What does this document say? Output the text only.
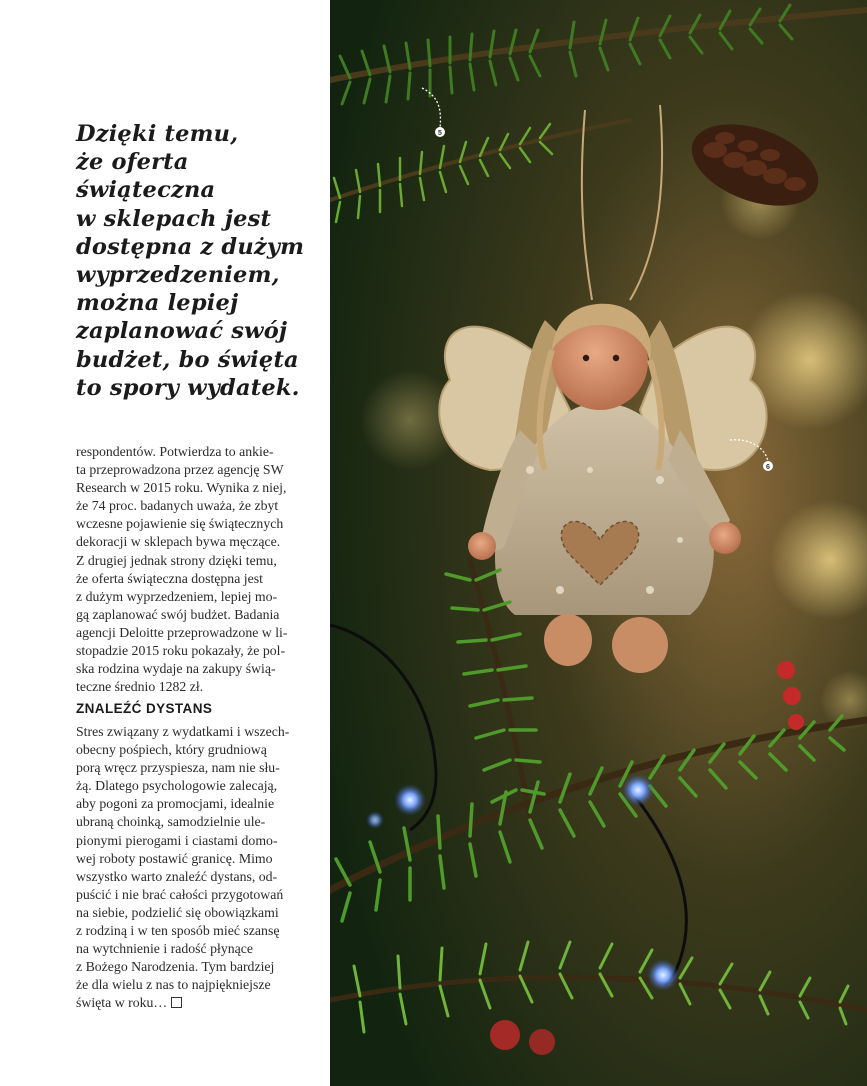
Dzięki temu,
że oferta
świąteczna
w sklepach jest
dostępna z dużym
wyprzedzeniem,
można lepiej
zaplanować swój
budżet, bo święta
to spory wydatek.

respondentów. Potwierdza to ankie-
ta przeprowadzona przez agencję SW
Research w 2015 roku. Wynika z niej,
że 74 proc. badanych uważa, że zbyt
wczesne pojawienie się świątecznych
dekoracji w sklepach bywa męczące.
Z drugiej jednak strony dzięki temu,
że oferta świąteczna dostępna jest
z dużym wyprzedzeniem, lepiej mo-
gą zaplanować swój budżet. Badania
agencji Deloitte przeprowadzone w li-
stopadzie 2015 roku pokazały, że pol-
ska rodzina wydaje na zakupy świą-
teczne średnio 1282 zł.

ZNALEŹĆ DYSTANS

Stres związany z wydatkami i wszech-
obecny pośpiech, który grudniową
porą wręcz przyspiesza, nam nie słu-
żą. Dlatego psychologowie zalecają,
aby pogoni za promocjami, idealnie
ubraną choinką, samodzielnie ule-
pionymi pierogami i ciastami domo-
wej roboty postawić granicę. Mimo
wszystko warto znaleźć dystans, od-
puścić i nie brać całości przygotowań
na siebie, podzielić się obowiązkami
z rodziną i w ten sposób mieć szansę
na wytchnienie i radość płynące
z Bożego Narodzenia. Tym bardziej
że dla wielu z nas to najpiękniejsze
święta w roku…

5
6
